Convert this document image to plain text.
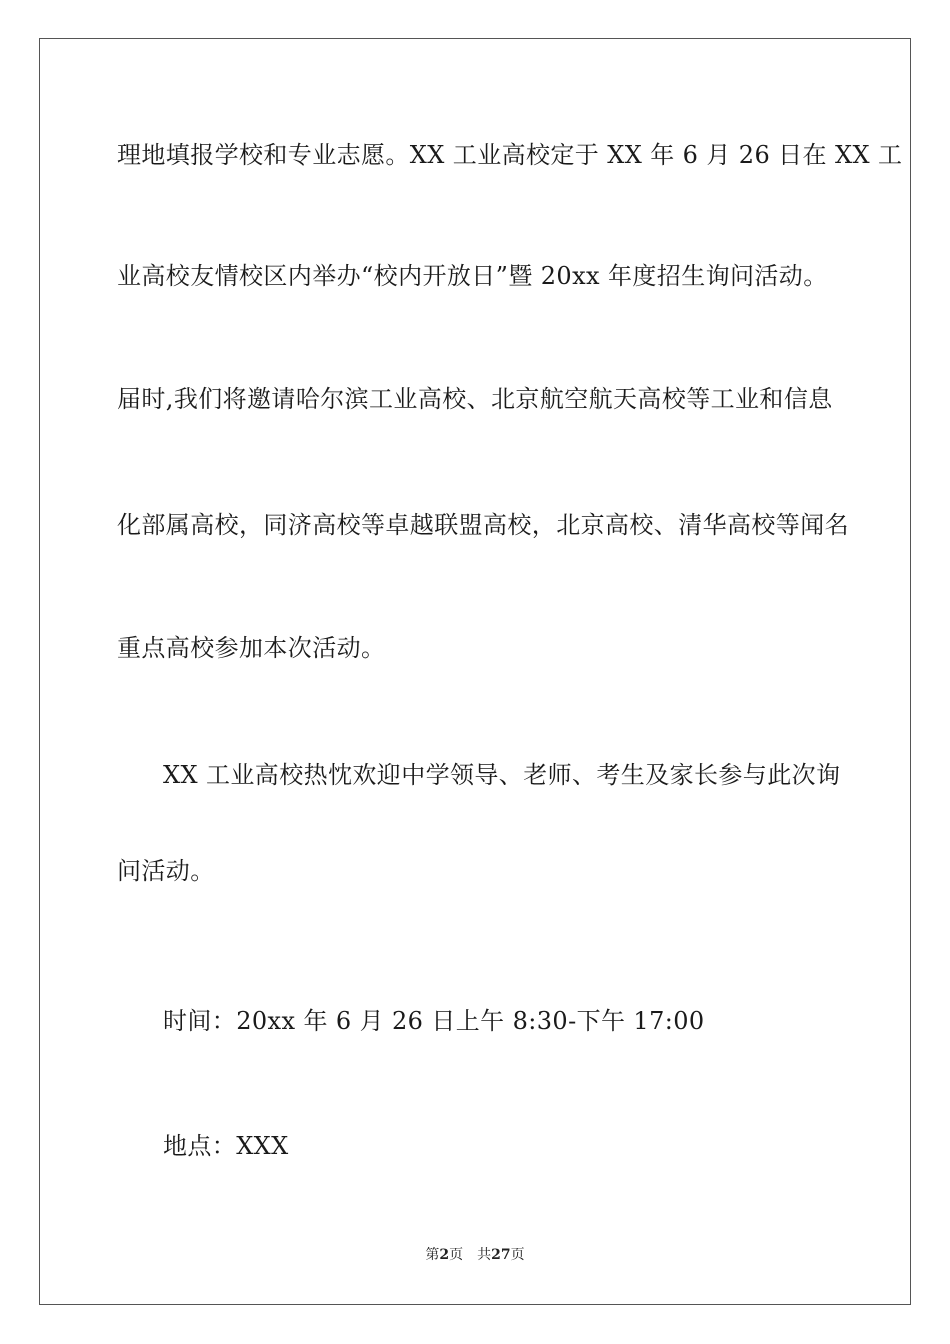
理地填报学校和专业志愿。XX 工业高校定于 XX 年 6 月 26 日在 XX 工
业高校友情校区内举办“校内开放日”暨 20xx 年度招生询问活动。
届时,我们将邀请哈尔滨工业高校、北京航空航天高校等工业和信息
化部属高校，同济高校等卓越联盟高校，北京高校、清华高校等闻名
重点高校参加本次活动。
XX 工业高校热忱欢迎中学领导、老师、考生及家长参与此次询
问活动。
时间：20xx 年 6 月 26 日上午 8:30-下午 17:00
地点：XXX
第2页 共27页
